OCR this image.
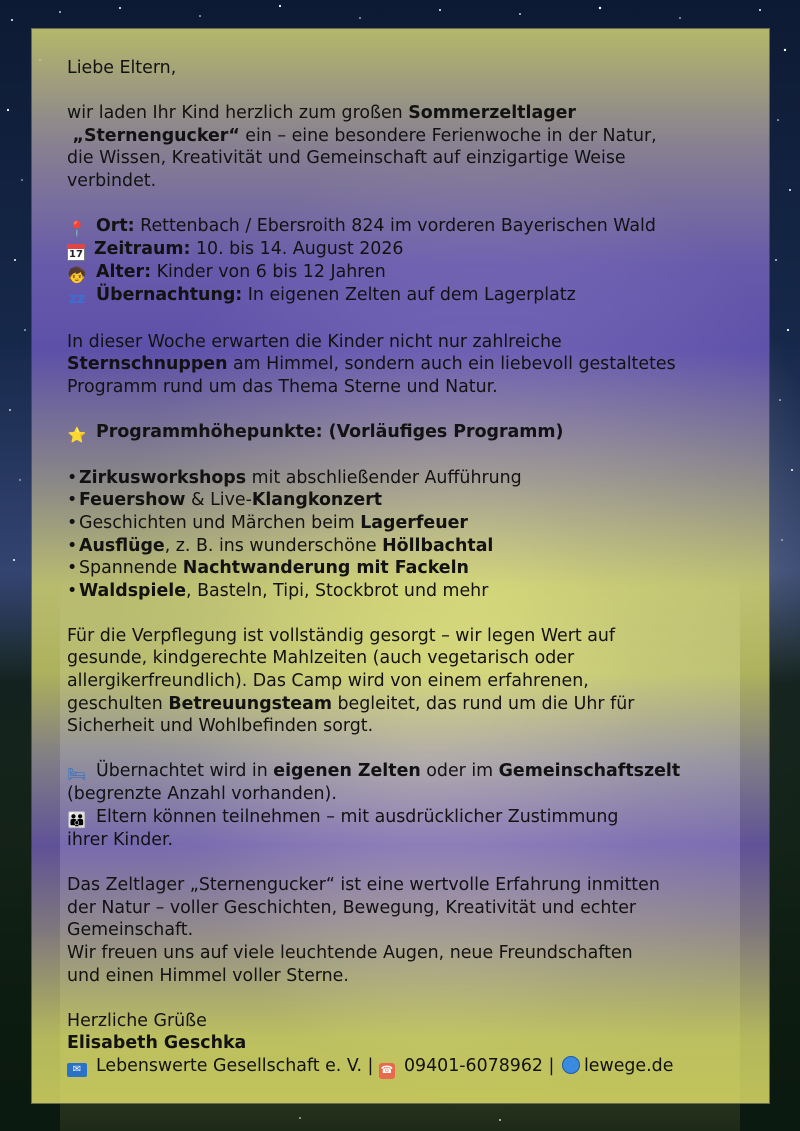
Liebe Eltern,

wir laden Ihr Kind herzlich zum großen Sommerzeltlager

„Sternengucker“ ein – eine besondere Ferienwoche in der Natur,

die Wissen, Kreativität und Gemeinschaft auf einzigartige Weise

verbindet.

📍 Ort: Rettenbach / Ebersroith 824 im vorderen Bayerischen Wald

17 Zeitraum: 10. bis 14. August 2026

🧒 Alter: Kinder von 6 bis 12 Jahren

zz Übernachtung: In eigenen Zelten auf dem Lagerplatz

In dieser Woche erwarten die Kinder nicht nur zahlreiche

Sternschnuppen am Himmel, sondern auch ein liebevoll gestaltetes

Programm rund um das Thema Sterne und Natur.

⭐ Programmhöhepunkte: (Vorläufiges Programm)

•Zirkusworkshops mit abschließender Aufführung
•Feuershow & Live-Klangkonzert
•Geschichten und Märchen beim Lagerfeuer
•Ausflüge, z. B. ins wunderschöne Höllbachtal
•Spannende Nachtwanderung mit Fackeln
•Waldspiele, Basteln, Tipi, Stockbrot und mehr

Für die Verpflegung ist vollständig gesorgt – wir legen Wert auf

gesunde, kindgerechte Mahlzeiten (auch vegetarisch oder

allergikerfreundlich). Das Camp wird von einem erfahrenen,

geschulten Betreuungsteam begleitet, das rund um die Uhr für

Sicherheit und Wohlbefinden sorgt.

🛏 Übernachtet wird in eigenen Zelten oder im Gemeinschaftszelt

(begrenzte Anzahl vorhanden).

👪 Eltern können teilnehmen – mit ausdrücklicher Zustimmung

ihrer Kinder.

Das Zeltlager „Sternengucker“ ist eine wertvolle Erfahrung inmitten

der Natur – voller Geschichten, Bewegung, Kreativität und echter

Gemeinschaft.

Wir freuen uns auf viele leuchtende Augen, neue Freundschaften

und einen Himmel voller Sterne.

Herzliche Grüße

Elisabeth Geschka

✉ Lebenswerte Gesellschaft e. V. | ☎ 09401-6078962 | lewege.de
